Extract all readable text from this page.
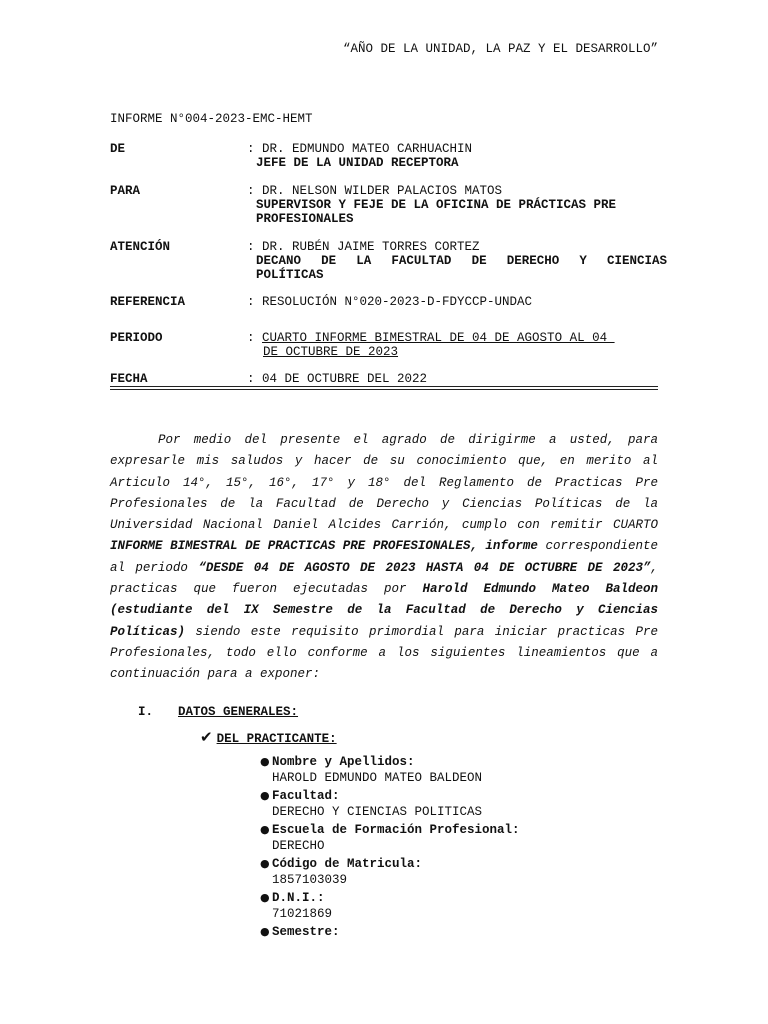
“AÑO DE LA UNIDAD, LA PAZ Y EL DESARROLLO”
INFORME N°004-2023-EMC-HEMT
DE	: DR. EDMUNDO MATEO CARHUACHIN
JEFE DE LA UNIDAD RECEPTORA
PARA	: DR. NELSON WILDER PALACIOS MATOS
SUPERVISOR Y FEJE DE LA OFICINA DE PRÁCTICAS PRE
PROFESIONALES
ATENCIÓN	: DR. RUBÉN JAIME TORRES CORTEZ
DECANO DE LA FACULTAD DE DERECHO Y CIENCIAS
POLÍTICAS
REFERENCIA	: RESOLUCIÓN N°020-2023-D-FDYCCP-UNDAC
PERIODO	: CUARTO INFORME BIMESTRAL DE 04 DE AGOSTO AL 04
DE OCTUBRE DE 2023
FECHA	: 04 DE OCTUBRE DEL 2022
Por medio del presente el agrado de dirigirme a usted, para expresarle mis saludos y hacer de su conocimiento que, en merito al Articulo 14°, 15°, 16°, 17° y 18° del Reglamento de Practicas Pre Profesionales de la Facultad de Derecho y Ciencias Políticas de la Universidad Nacional Daniel Alcides Carrión, cumplo con remitir CUARTO INFORME BIMESTRAL DE PRACTICAS PRE PROFESIONALES, informe correspondiente al periodo “DESDE 04 DE AGOSTO DE 2023 HASTA 04 DE OCTUBRE DE 2023”, practicas que fueron ejecutadas por Harold Edmundo Mateo Baldeon (estudiante del IX Semestre de la Facultad de Derecho y Ciencias Políticas) siendo este requisito primordial para iniciar practicas Pre Profesionales, todo ello conforme a los siguientes lineamientos que a continuación para a exponer:
I. DATOS GENERALES:
✔ DEL PRACTICANTE:
● Nombre y Apellidos:
HAROLD EDMUNDO MATEO BALDEON
● Facultad:
DERECHO Y CIENCIAS POLITICAS
● Escuela de Formación Profesional:
DERECHO
● Código de Matricula:
1857103039
● D.N.I.:
71021869
● Semestre:
